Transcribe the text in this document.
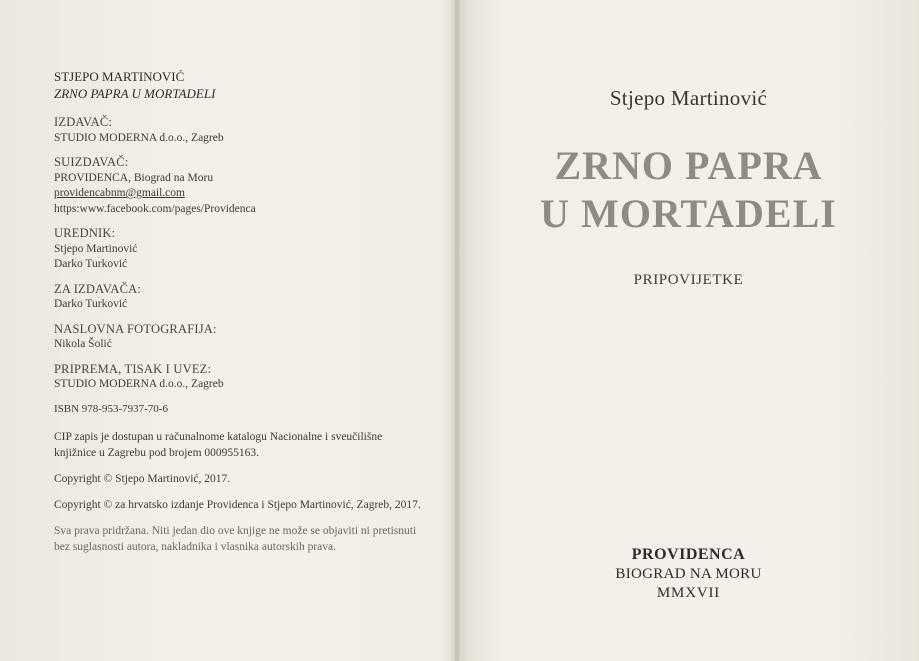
STJEPO MARTINOVIĆ
ZRNO PAPRA U MORTADELI
IZDAVAČ:
STUDIO MODERNA d.o.o., Zagreb
SUIZDAVAČ:
PROVIDENCA, Biograd na Moru
providencabnm@gmail.com
https:www.facebook.com/pages/Providenca
UREDNIK:
Stjepo Martinović
Darko Turković
ZA IZDAVAČA:
Darko Turković
NASLOVNA FOTOGRAFIJA:
Nikola Šolić
PRIPREMA, TISAK I UVEZ:
STUDIO MODERNA d.o.o., Zagreb
ISBN 978-953-7937-70-6
CIP zapis je dostupan u računalnome katalogu Nacionalne i sveučilišne knjižnice u Zagrebu pod brojem 000955163.
Copyright © Stjepo Martinović, 2017.
Copyright © za hrvatsko izdanje Providenca i Stjepo Martinović, Zagreb, 2017.
Sva prava pridržana. Niti jedan dio ove knjige ne može se objaviti ni pretisnuti bez suglasnosti autora, nakladnika i vlasnika autorskih prava.
Stjepo Martinović
ZRNO PAPRA
U MORTADELI
PRIPOVIJETKE
PROVIDENCA
BIOGRAD NA MORU
MMXVII
